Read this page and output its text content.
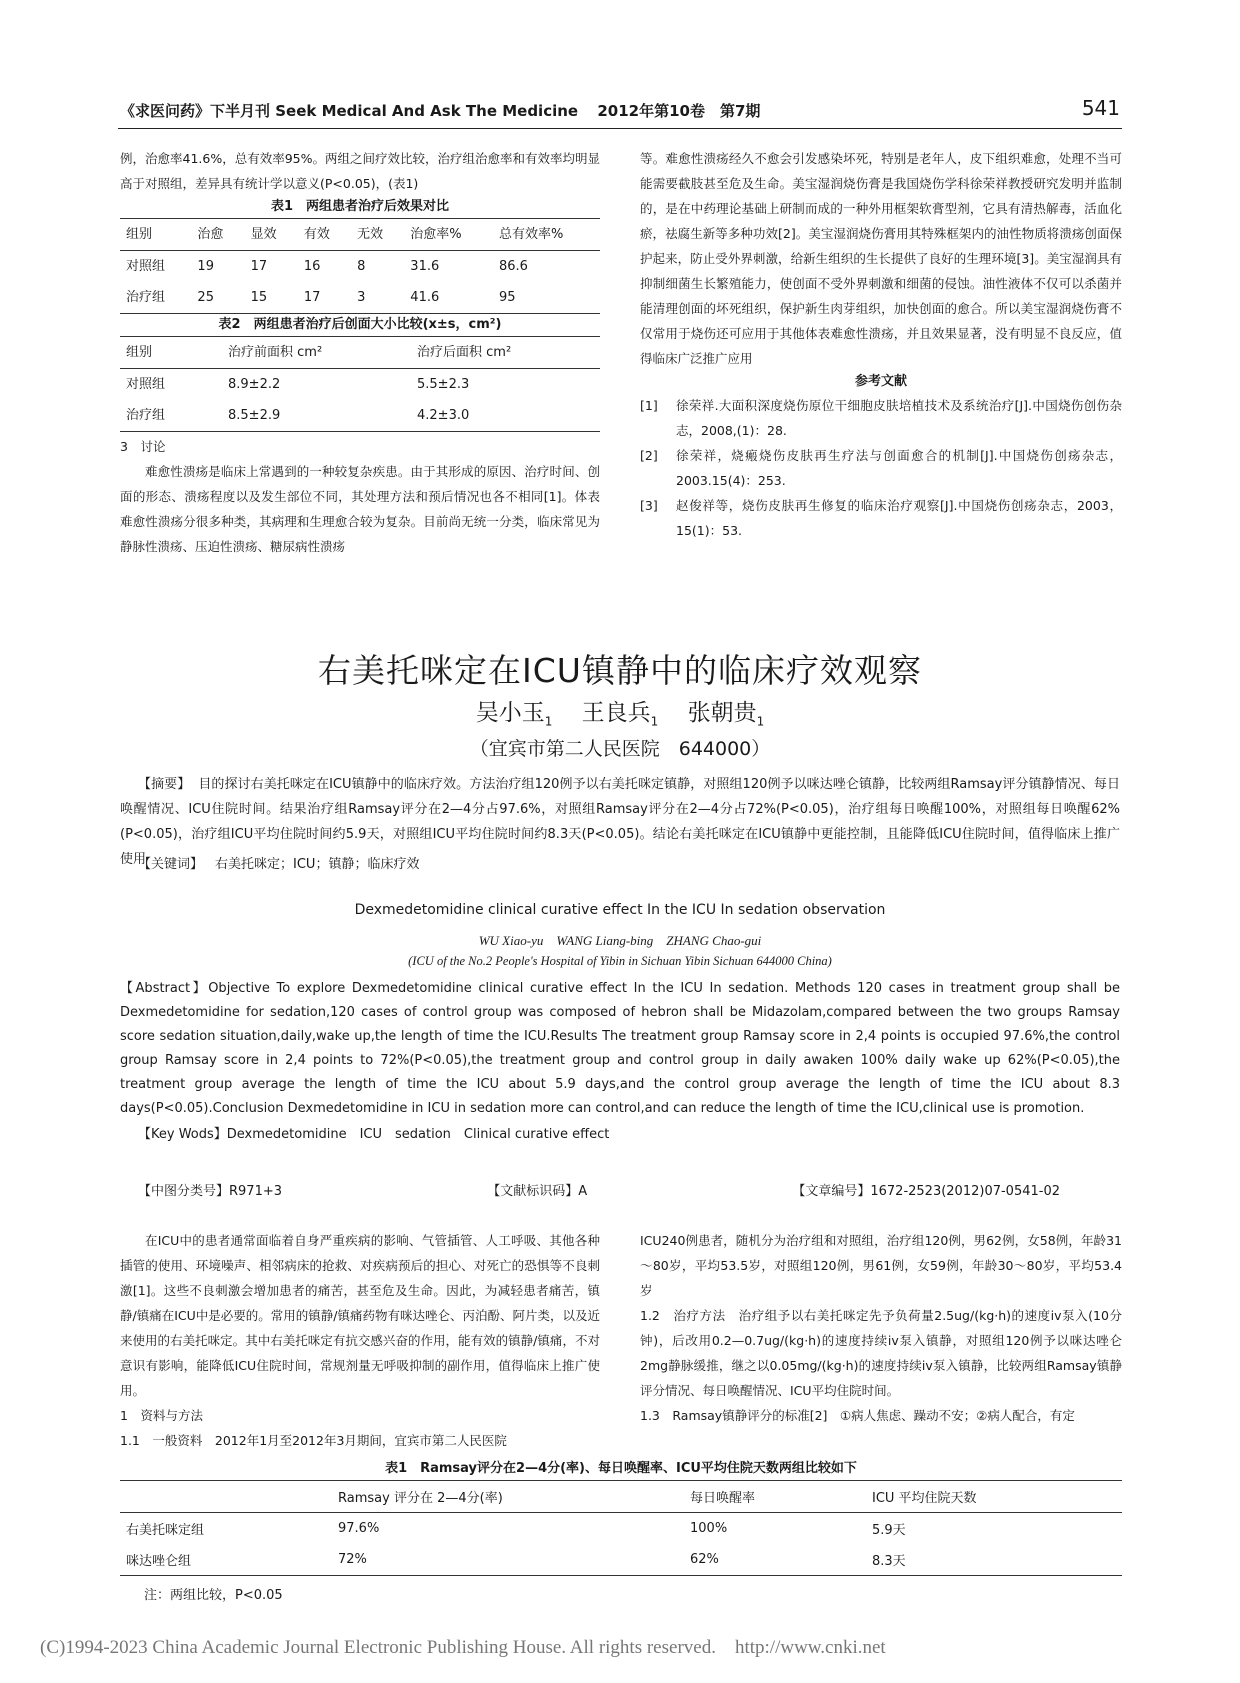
《求医问药》下半月刊 Seek Medical And Ask The Medicine 2012年第10卷　第7期	541

例，治愈率41.6%，总有效率95%。两组之间疗效比较，治疗组治愈率和有效率均明显高于对照组，差异具有统计学以意义(P<0.05)，(表1)

表1　两组患者治疗后效果对比
组别	治愈	显效	有效	无效	治愈率%	总有效率%
对照组	19	17	16	8	31.6	86.6
治疗组	25	15	17	3	41.6	95
表2　两组患者治疗后创面大小比较(x±s，cm²)
组别	治疗前面积 cm²	治疗后面积 cm²
对照组	8.9±2.2	5.5±2.3
治疗组	8.5±2.9	4.2±3.0

3　讨论

难愈性溃疡是临床上常遇到的一种较复杂疾患。由于其形成的原因、治疗时间、创面的形态、溃疡程度以及发生部位不同，其处理方法和预后情况也各不相同[1]。体表难愈性溃疡分很多种类，其病理和生理愈合较为复杂。目前尚无统一分类，临床常见为静脉性溃疡、压迫性溃疡、糖尿病性溃疡

等。难愈性溃疡经久不愈会引发感染坏死，特别是老年人，皮下组织难愈，处理不当可能需要截肢甚至危及生命。美宝湿润烧伤膏是我国烧伤学科徐荣祥教授研究发明并监制的，是在中药理论基础上研制而成的一种外用框架软膏型剂，它具有清热解毒，活血化瘀，祛腐生新等多种功效[2]。美宝湿润烧伤膏用其特殊框架内的油性物质将溃疡创面保护起来，防止受外界刺激，给新生组织的生长提供了良好的生理环境[3]。美宝湿润具有抑制细菌生长繁殖能力，使创面不受外界刺激和细菌的侵蚀。油性液体不仅可以杀菌并能清理创面的坏死组织，保护新生肉芽组织，加快创面的愈合。所以美宝湿润烧伤膏不仅常用于烧伤还可应用于其他体表难愈性溃疡，并且效果显著，没有明显不良反应，值得临床广泛推广应用

参考文献
[1]	徐荣祥.大面积深度烧伤原位干细胞皮肤培植技术及系统治疗[J].中国烧伤创伤杂志，2008,(1)：28.
[2]	徐荣祥，烧瘢烧伤皮肤再生疗法与创面愈合的机制[J].中国烧伤创疡杂志，2003.15(4)：253.
[3]	赵俊祥等，烧伤皮肤再生修复的临床治疗观察[J].中国烧伤创疡杂志，2003，15(1)：53.
右美托咪定在ICU镇静中的临床疗效观察
吴小玉$_1$ 王良兵$_1$ 张朝贵$_1$
（宜宾市第二人民医院　644000）
【摘要】 目的探讨右美托咪定在ICU镇静中的临床疗效。方法治疗组120例予以右美托咪定镇静，对照组120例予以咪达唑仑镇静，比较两组Ramsay评分镇静情况、每日唤醒情况、ICU住院时间。结果治疗组Ramsay评分在2—4分占97.6%，对照组Ramsay评分在2—4分占72%(P<0.05)，治疗组每日唤醒100%，对照组每日唤醒62%(P<0.05)，治疗组ICU平均住院时间约5.9天，对照组ICU平均住院时间约8.3天(P<0.05)。结论右美托咪定在ICU镇静中更能控制，且能降低ICU住院时间，值得临床上推广使用
【关键词】 右美托咪定；ICU；镇静；临床疗效
Dexmedetomidine clinical curative effect In the ICU In sedation observation
WU Xiao-yu　WANG Liang-bing　ZHANG Chao-gui
(ICU of the No.2 People's Hospital of Yibin in Sichuan Yibin Sichuan 644000 China)
【Abstract】Objective To explore Dexmedetomidine clinical curative effect In the ICU In sedation. Methods 120 cases in treatment group shall be Dexmedetomidine for sedation,120 cases of control group was composed of hebron shall be Midazolam,compared between the two groups Ramsay score sedation situation,daily,wake up,the length of time the ICU.Results The treatment group Ramsay score in 2,4 points is occupied 97.6%,the control group Ramsay score in 2,4 points to 72%(P<0.05),the treatment group and control group in daily awaken 100% daily wake up 62%(P<0.05),the treatment group average the length of time the ICU about 5.9 days,and the control group average the length of time the ICU about 8.3 days(P<0.05).Conclusion Dexmedetomidine in ICU in sedation more can control,and can reduce the length of time the ICU,clinical use is promotion.
【Key Wods】Dexmedetomidine　ICU　sedation　Clinical curative effect
【中图分类号】R971+3	【文献标识码】A	【文章编号】1672-2523(2012)07-0541-02

在ICU中的患者通常面临着自身严重疾病的影响、气管插管、人工呼吸、其他各种插管的使用、环境噪声、相邻病床的抢救、对疾病预后的担心、对死亡的恐惧等不良刺激[1]。这些不良刺激会增加患者的痛苦，甚至危及生命。因此，为减轻患者痛苦，镇静/镇痛在ICU中是必要的。常用的镇静/镇痛药物有咪达唑仑、丙泊酚、阿片类，以及近来使用的右美托咪定。其中右美托咪定有抗交感兴奋的作用，能有效的镇静/镇痛，不对意识有影响，能降低ICU住院时间，常规剂量无呼吸抑制的副作用，值得临床上推广使用。

1　资料与方法

1.1　一般资料　2012年1月至2012年3月期间，宜宾市第二人民医院

ICU240例患者，随机分为治疗组和对照组，治疗组120例，男62例，女58例，年龄31～80岁，平均53.5岁，对照组120例，男61例，女59例，年龄30～80岁，平均53.4岁

1.2　治疗方法　治疗组予以右美托咪定先予负荷量2.5ug/(kg·h)的速度iv泵入(10分钟)，后改用0.2—0.7ug/(kg·h)的速度持续iv泵入镇静，对照组120例予以咪达唑仑2mg静脉缓推，继之以0.05mg/(kg·h)的速度持续iv泵入镇静，比较两组Ramsay镇静评分情况、每日唤醒情况、ICU平均住院时间。

1.3　Ramsay镇静评分的标准[2]　①病人焦虑、躁动不安；②病人配合，有定

表1　Ramsay评分在2—4分(率)、每日唤醒率、ICU平均住院天数两组比较如下
	Ramsay 评分在 2—4分(率)	每日唤醒率	ICU 平均住院天数
右美托咪定组	97.6%	100%	5.9天
咪达唑仑组	72%	62%	8.3天
注：两组比较，P<0.05
(C)1994-2023 China Academic Journal Electronic Publishing House. All rights reserved.　http://www.cnki.net
